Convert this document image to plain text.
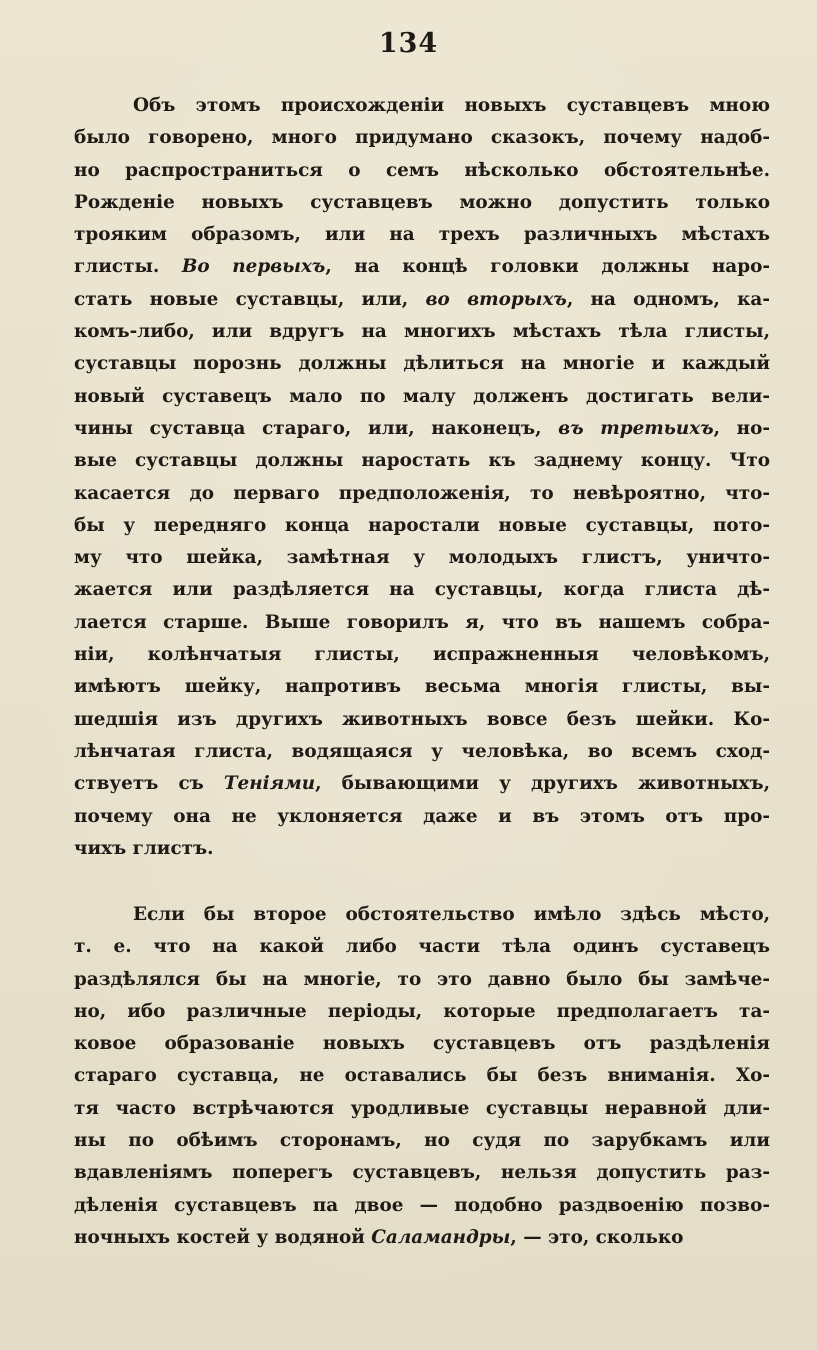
134
Объ этомъ происхожденіи новыхъ суставцевъ мною
было говорено, много придумано сказокъ, почему надоб-
но распространиться о семъ нѣсколько обстоятельнѣе.
Рожденіе новыхъ суставцевъ можно допустить только
трояким образомъ, или на трехъ различныхъ мѣстахъ
глисты. Во первыхъ, на концѣ головки должны наро-
стать новые суставцы, или, во вторыхъ, на одномъ, ка-
комъ-либо, или вдругъ на многихъ мѣстахъ тѣла глисты,
суставцы порознь должны дѣлиться на многіе и каждый
новый суставецъ мало по малу долженъ достигать вели-
чины суставца стараго, или, наконецъ, въ третьихъ, но-
вые суставцы должны наростать къ заднему концу. Что
касается до перваго предположенія, то невѣроятно, что-
бы у передняго конца наростали новые суставцы, пото-
му что шейка, замѣтная у молодыхъ глистъ, уничто-
жается или раздѣляется на суставцы, когда глиста дѣ-
лается старше. Выше говорилъ я, что въ нашемъ собра-
ніи, колѣнчатыя глисты, испражненныя человѣкомъ,
имѣютъ шейку, напротивъ весьма многія глисты, вы-
шедшія изъ другихъ животныхъ вовсе безъ шейки. Ко-
лѣнчатая глиста, водящаяся у человѣка, во всемъ сход-
ствуетъ съ Теніями, бывающими у другихъ животныхъ,
почему она не уклоняется даже и въ этомъ отъ про-
чихъ глистъ.
Если бы второе обстоятельство имѣло здѣсь мѣсто,
т. е. что на какой либо части тѣла одинъ суставецъ
раздѣлялся бы на многіе, то это давно было бы замѣче-
но, ибо различные періоды, которые предполагаетъ та-
ковое образованіе новыхъ суставцевъ отъ раздѣленія
стараго суставца, не оставались бы безъ вниманія. Хо-
тя часто встрѣчаются уродливые суставцы неравной дли-
ны по обѣимъ сторонамъ, но судя по зарубкамъ или
вдавленіямъ поперегъ суставцевъ, нельзя допустить раз-
дѣленія суставцевъ па двое — подобно раздвоенію позво-
ночныхъ костей у водяной Саламандры, — это, сколько
